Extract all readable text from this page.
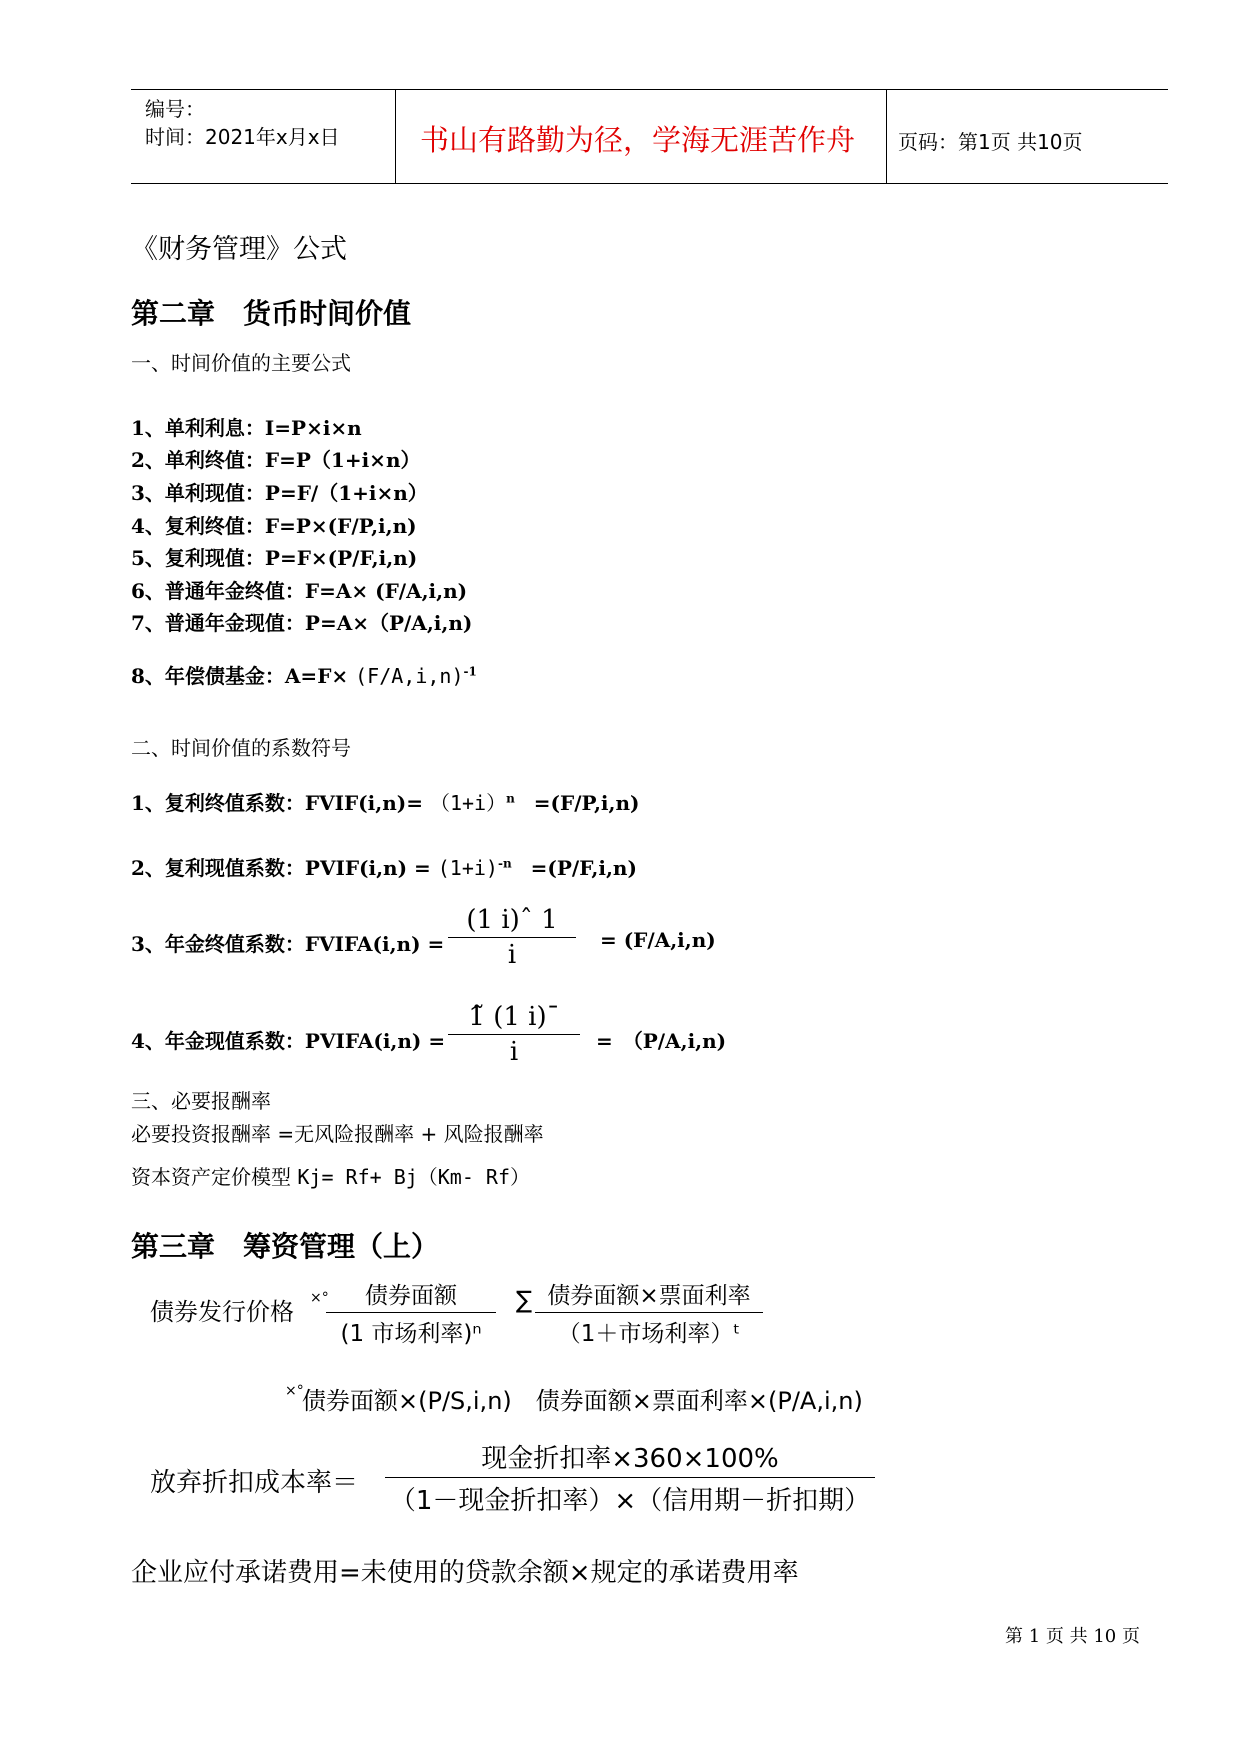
编号：
时间：2021年x月x日	书山有路勤为径，学海无涯苦作舟 页码：第1页 共10页
《财务管理》公式
第二章　货币时间价值
一、时间价值的主要公式
1、单利利息：I=P×i×n
2、单利终值：F=P（1+i×n）
3、单利现值：P=F/（1+i×n）
4、复利终值：F=P×(F/P,i,n)
5、复利现值：P=F×(P/F,i,n)
6、普通年金终值：F=A× (F/A,i,n)
7、普通年金现值：P=A×（P/A,i,n)
8、年偿债基金：$A=F\times (F/A,i,n)^{-1}$
二、时间价值的系数符号
1、复利终值系数：FVIF(i,n)= $(1+i)^n =(F/P,i,n)$
2、复利现值系数：PVIF(i,n) = $(1+i)^{-n} =(P/F,i,n)$
3、年金终值系数：FVIFA(i,n) =
(1 i)ˆ 1
i	= (F/A,i,n)
4、年金现值系数：PVIFA(i,n) =
1̃ (1 i)ˉ
i	=　（P/A,i,n)
三、必要报酬率
必要投资报酬率 =无风险报酬率 + 风险报酬率
资本资产定价模型 Kj= Rf+ Bj（Km- Rf）
第三章　筹资管理（上）
债券发行价格 ×°	债券面额
(1 市场利率)ⁿ
∑ 债券面额×票面利率
（1＋市场利率）ᵗ
×°
债券面额×(P/S,i,n)　债券面额×票面利率×(P/A,i,n)
放弃折扣成本率＝
现金折扣率×360×100%
（1－现金折扣率）×（信用期－折扣期）
企业应付承诺费用=未使用的贷款余额×规定的承诺费用率
第 1 页 共 10 页
